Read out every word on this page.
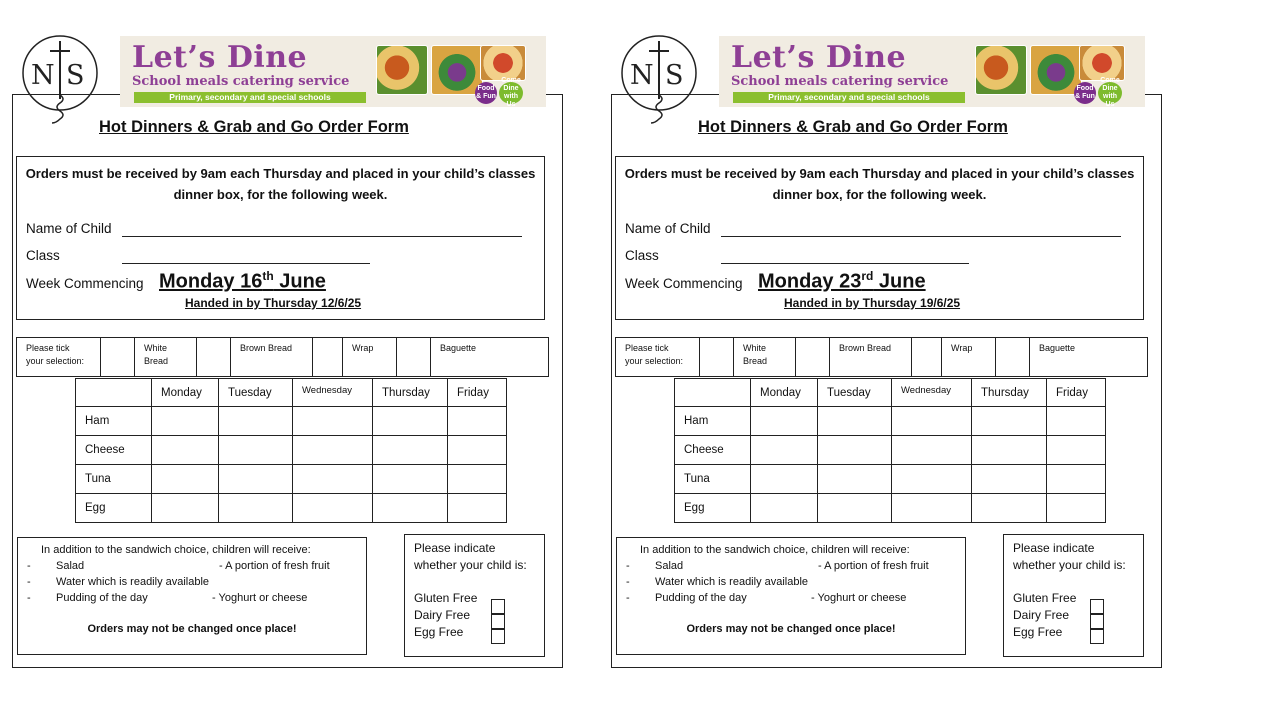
N S
Let’s Dine
School meals catering service
Primary, secondary and special schools
Food & Fun
Dine with Us
Hot Dinners & Grab and Go Order Form
Orders must be received by 9am each Thursday and placed in your child’s classes dinner box, for the following week.
Name of Child
Class
Week Commencing Monday 16th June
Handed in by Thursday 12/6/25
Please tick
your selection:
White
Bread
Brown Bread	Wrap	Baguette
	Monday	Tuesday	Wednesday	Thursday	Friday
Ham					
Cheese					
Tuna					
Egg					
In addition to the sandwich choice, children will receive:
- Salad	- A portion of fresh fruit
- Water which is readily available
- Pudding of the day	- Yoghurt or cheese
Orders may not be changed once place!
Please indicate whether your child is:
Gluten Free
Dairy Free
Egg Free
N S
Let’s Dine
School meals catering service
Primary, secondary and special schools
Food & Fun
Dine with Us
Hot Dinners & Grab and Go Order Form
Orders must be received by 9am each Thursday and placed in your child’s classes dinner box, for the following week.
Name of Child
Class
Week Commencing Monday 23rd June
Handed in by Thursday 19/6/25
Please tick
your selection:
White
Bread
Brown Bread	Wrap	Baguette
	Monday	Tuesday	Wednesday	Thursday	Friday
Ham					
Cheese					
Tuna					
Egg					
In addition to the sandwich choice, children will receive:
- Salad	- A portion of fresh fruit
- Water which is readily available
- Pudding of the day	- Yoghurt or cheese
Orders may not be changed once place!
Please indicate whether your child is:
Gluten Free
Dairy Free
Egg Free
